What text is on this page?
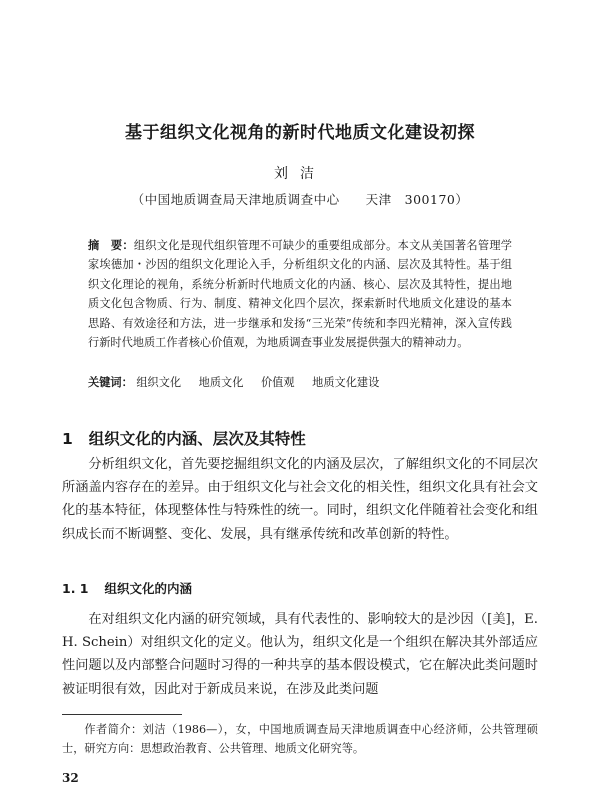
基于组织文化视角的新时代地质文化建设初探
刘洁
（中国地质调查局天津地质调查中心　　天津　300170）
摘　要：组织文化是现代组织管理不可缺少的重要组成部分。本文从美国著名管理学家埃德加・沙因的组织文化理论入手，分析组织文化的内涵、层次及其特性。基于组织文化理论的视角，系统分析新时代地质文化的内涵、核心、层次及其特性，提出地质文化包含物质、行为、制度、精神文化四个层次，探索新时代地质文化建设的基本思路、有效途径和方法，进一步继承和发扬“三光荣”传统和李四光精神，深入宣传践行新时代地质工作者核心价值观，为地质调查事业发展提供强大的精神动力。
关键词： 组织文化 地质文化 价值观 地质文化建设
1 组织文化的内涵、层次及其特性
分析组织文化，首先要挖掘组织文化的内涵及层次，了解组织文化的不同层次所涵盖内容存在的差异。由于组织文化与社会文化的相关性，组织文化具有社会文化的基本特征，体现整体性与特殊性的统一。同时，组织文化伴随着社会变化和组织成长而不断调整、变化、发展，具有继承传统和改革创新的特性。
1. 1 组织文化的内涵
在对组织文化内涵的研究领域，具有代表性的、影响较大的是沙因（[美]，E. H. Schein）对组织文化的定义。他认为，组织文化是一个组织在解决其外部适应性问题以及内部整合问题时习得的一种共享的基本假设模式，它在解决此类问题时被证明很有效，因此对于新成员来说，在涉及此类问题
作者简介：刘洁（1986—），女，中国地质调查局天津地质调查中心经济师，公共管理硕士，研究方向：思想政治教育、公共管理、地质文化研究等。
32
